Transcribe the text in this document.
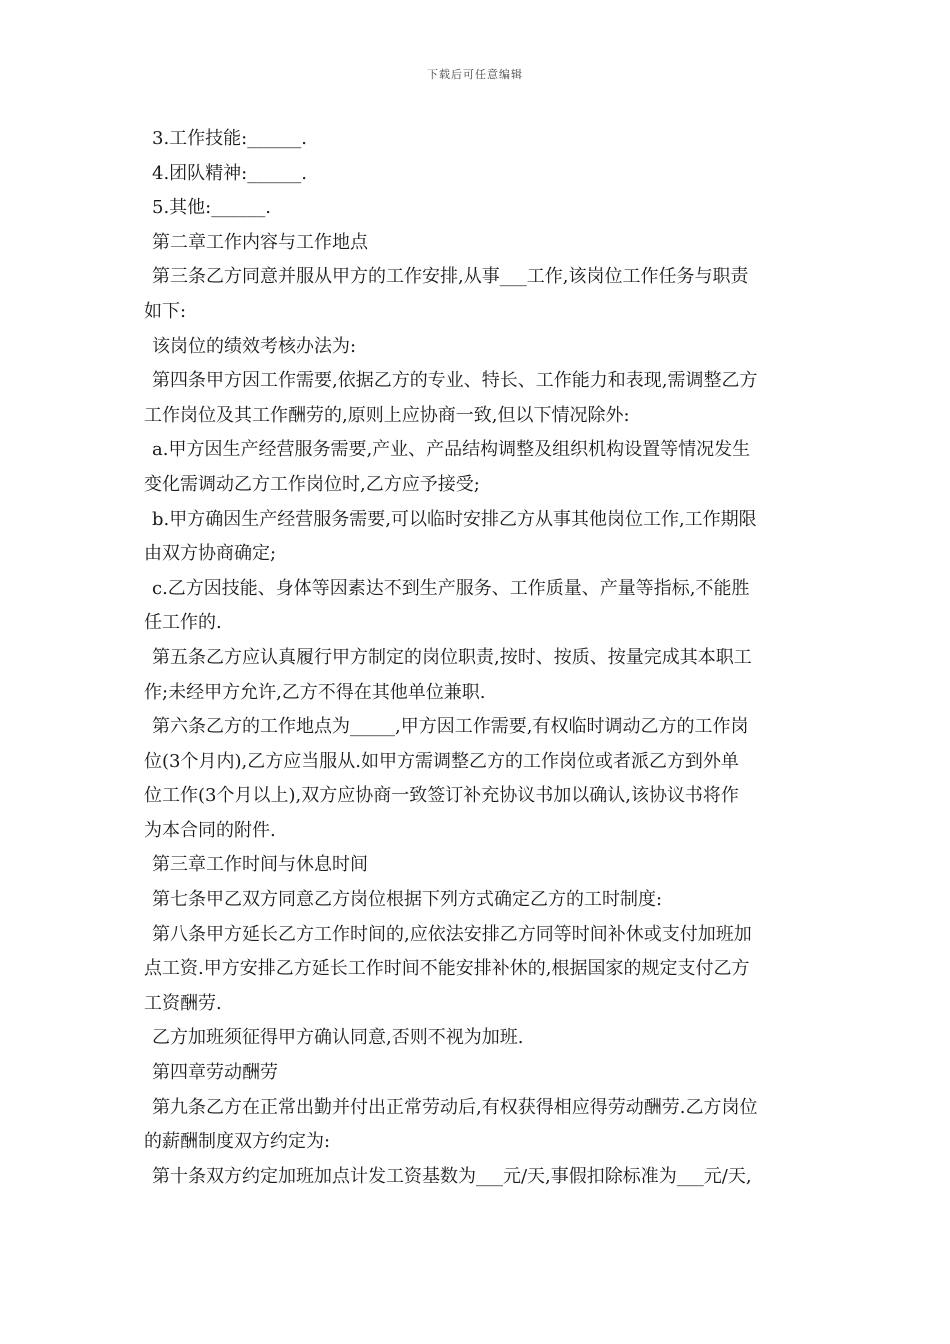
下载后可任意编辑
3.工作技能:______.
4.团队精神:______.
5.其他:______.
第二章工作内容与工作地点
第三条乙方同意并服从甲方的工作安排,从事___工作,该岗位工作任务与职责
如下:
该岗位的绩效考核办法为:
第四条甲方因工作需要,依据乙方的专业、特长、工作能力和表现,需调整乙方
工作岗位及其工作酬劳的,原则上应协商一致,但以下情况除外:
a.甲方因生产经营服务需要,产业、产品结构调整及组织机构设置等情况发生
变化需调动乙方工作岗位时,乙方应予接受;
b.甲方确因生产经营服务需要,可以临时安排乙方从事其他岗位工作,工作期限
由双方协商确定;
c.乙方因技能、身体等因素达不到生产服务、工作质量、产量等指标,不能胜
任工作的.
第五条乙方应认真履行甲方制定的岗位职责,按时、按质、按量完成其本职工
作;未经甲方允许,乙方不得在其他单位兼职.
第六条乙方的工作地点为_____,甲方因工作需要,有权临时调动乙方的工作岗
位(3个月内),乙方应当服从.如甲方需调整乙方的工作岗位或者派乙方到外单
位工作(3个月以上),双方应协商一致签订补充协议书加以确认,该协议书将作
为本合同的附件.
第三章工作时间与休息时间
第七条甲乙双方同意乙方岗位根据下列方式确定乙方的工时制度:
第八条甲方延长乙方工作时间的,应依法安排乙方同等时间补休或支付加班加
点工资.甲方安排乙方延长工作时间不能安排补休的,根据国家的规定支付乙方
工资酬劳.
乙方加班须征得甲方确认同意,否则不视为加班.
第四章劳动酬劳
第九条乙方在正常出勤并付出正常劳动后,有权获得相应得劳动酬劳.乙方岗位
的薪酬制度双方约定为:
第十条双方约定加班加点计发工资基数为___元/天,事假扣除标准为___元/天,
